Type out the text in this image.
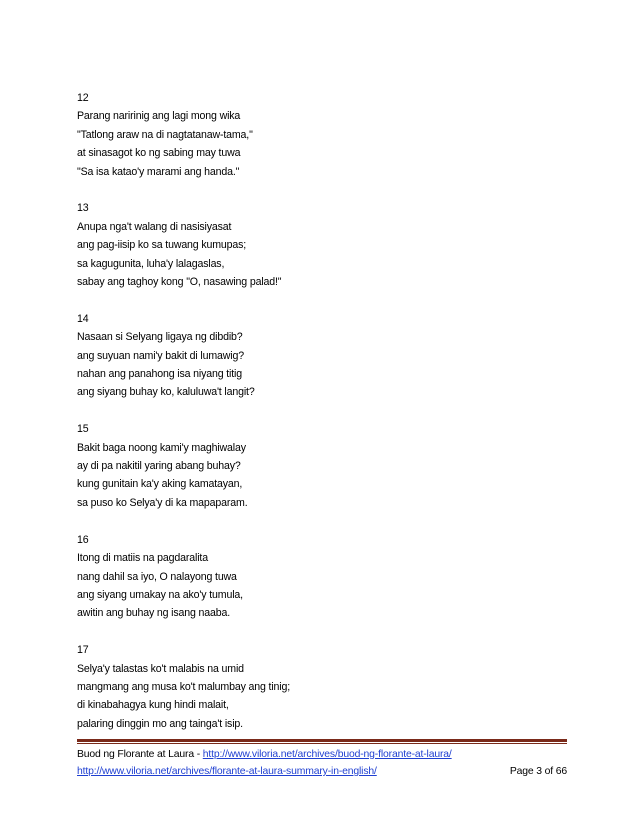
12
Parang naririnig ang lagi mong wika
"Tatlong araw na di nagtatanaw-tama,"
at sinasagot ko ng sabing may tuwa
"Sa isa katao'y marami ang handa."
13
Anupa nga't walang di nasisiyasat
ang pag-iisip ko sa tuwang kumupas;
sa kagugunita, luha'y lalagaslas,
sabay ang taghoy kong "O, nasawing palad!"
14
Nasaan si Selyang ligaya ng dibdib?
ang suyuan nami'y bakit di lumawig?
nahan ang panahong isa niyang titig
ang siyang buhay ko, kaluluwa't langit?
15
Bakit baga noong kami'y maghiwalay
ay di pa nakitil yaring abang buhay?
kung gunitain ka'y aking kamatayan,
sa puso ko Selya'y di ka mapaparam.
16
Itong di matiis na pagdaralita
nang dahil sa iyo, O nalayong tuwa
ang siyang umakay na ako'y tumula,
awitin ang buhay ng isang naaba.
17
Selya'y talastas ko't malabis na umid
mangmang ang musa ko't malumbay ang tinig;
di kinabahagya kung hindi malait,
palaring dinggin mo ang tainga't isip.
Buod ng Florante at Laura - http://www.viloria.net/archives/buod-ng-florante-at-laura/
http://www.viloria.net/archives/florante-at-laura-summary-in-english/	Page 3 of 66
